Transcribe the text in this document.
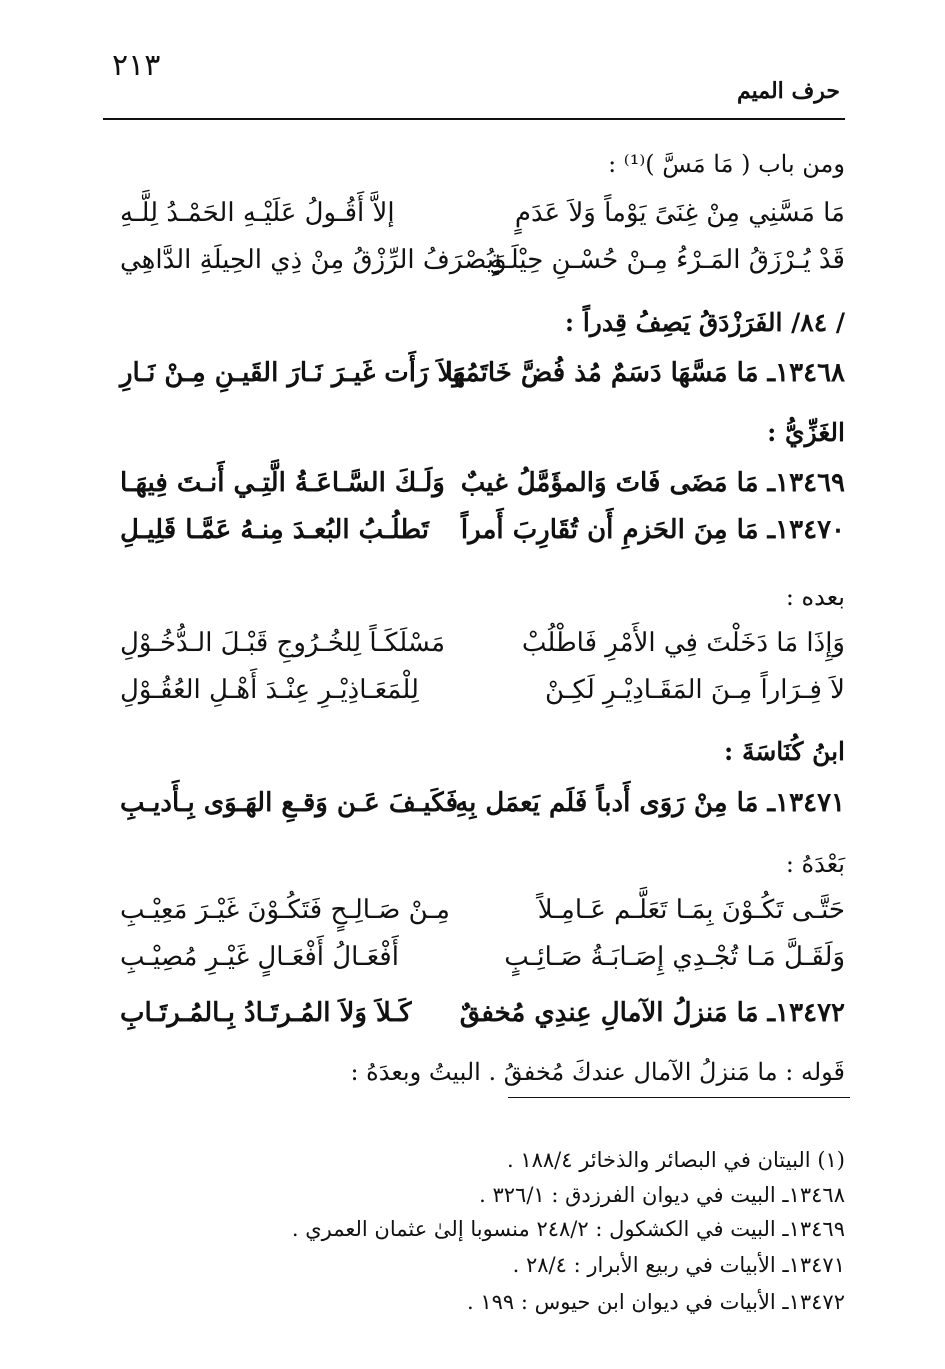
٢١٣
حرف الميم
ومن باب ( مَا مَسَّ )⁽¹⁾ :
مَا مَسَّنِي مِنْ غِنَىً يَوْماً وَلاَ عَدَمٍ
إلاَّ أَقُـولُ عَلَيْـهِ الحَمْـدُ لِلَّـهِ
قَدْ يُـرْزَقُ المَـرْءُ مِـنْ حُسْـنِ حِيْلَـةٍ
وَيُصْرَفُ الرِّزْقُ مِنْ ذِي الحِيلَةِ الدَّاهِي
/ ٨٤/ الفَرَزْدَقُ يَصِفُ قِدراً :
١٣٤٦٨ـ مَا مَسَّهَا دَسَمٌ مُذ فُضَّ خَاتَمُهَا
وَلاَ رَأَت غَيـرَ نَـارَ القَيـنِ مِـنْ نَـارِ
الغَزِّيُّ :
١٣٤٦٩ـ مَا مَضَى فَاتَ وَالمؤَمَّلُ غيبٌ
وَلَـكَ السَّـاعَـةُ الَّتِـي أَنـتَ فِيهَـا
١٣٤٧٠ـ مَا مِنَ الحَزمِ أَن تُقَارِبَ أَمراً
تَطلُـبُ البُعـدَ مِنـهُ عَمَّـا قَلِيـلِ
بعده :
وَإِذَا مَا دَخَلْتَ فِي الأَمْرِ فَاطْلُبْ
مَسْلَكَـاً لِلخُـرُوجِ قَبْـلَ الـدُّخُـوْلِ
لاَ فِـرَاراً مِـنَ المَقَـادِيْـرِ لَكِـنْ
لِلْمَعَـاذِيْـرِ عِنْـدَ أَهْـلِ العُقُـوْلِ
ابنُ كُنَاسَةَ :
١٣٤٧١ـ مَا مِنْ رَوَى أَدباً فَلَم يَعمَل بِهِ
فَكَيـفَ عَـن وَقـعِ الهَـوَى بِـأَديـبِ
بَعْدَهُ :
حَتَّـى تَكُـوْنَ بِمَـا تَعَلَّـم عَـامِـلاً
مِـنْ صَـالِـحٍ فَتَكُـوْنَ غَيْـرَ مَعِيْـبِ
وَلَقَـلَّ مَـا تُجْـدِي إِصَـابَـةُ صَـائِـبٍ
أَفْعَـالُ أَفْعَـالٍ غَيْـرِ مُصِيْـبِ
١٣٤٧٢ـ مَا مَنزلُ الآمالِ عِندِي مُخفقٌ
كَـلاَ وَلاَ المُـرتَـادُ بِـالمُـرتَـابِ
قَوله : ما مَنزلُ الآمال عندكَ مُخفقُ . البيتُ وبعدَهُ :
(١) البيتان في البصائر والذخائر ١٨٨/٤ .
١٣٤٦٨ـ البيت في ديوان الفرزدق : ٣٢٦/١ .
١٣٤٦٩ـ البيت في الكشكول : ٢٤٨/٢ منسوبا إلىٰ عثمان العمري .
١٣٤٧١ـ الأبيات في ربيع الأبرار : ٢٨/٤ .
١٣٤٧٢ـ الأبيات في ديوان ابن حيوس : ١٩٩ .
